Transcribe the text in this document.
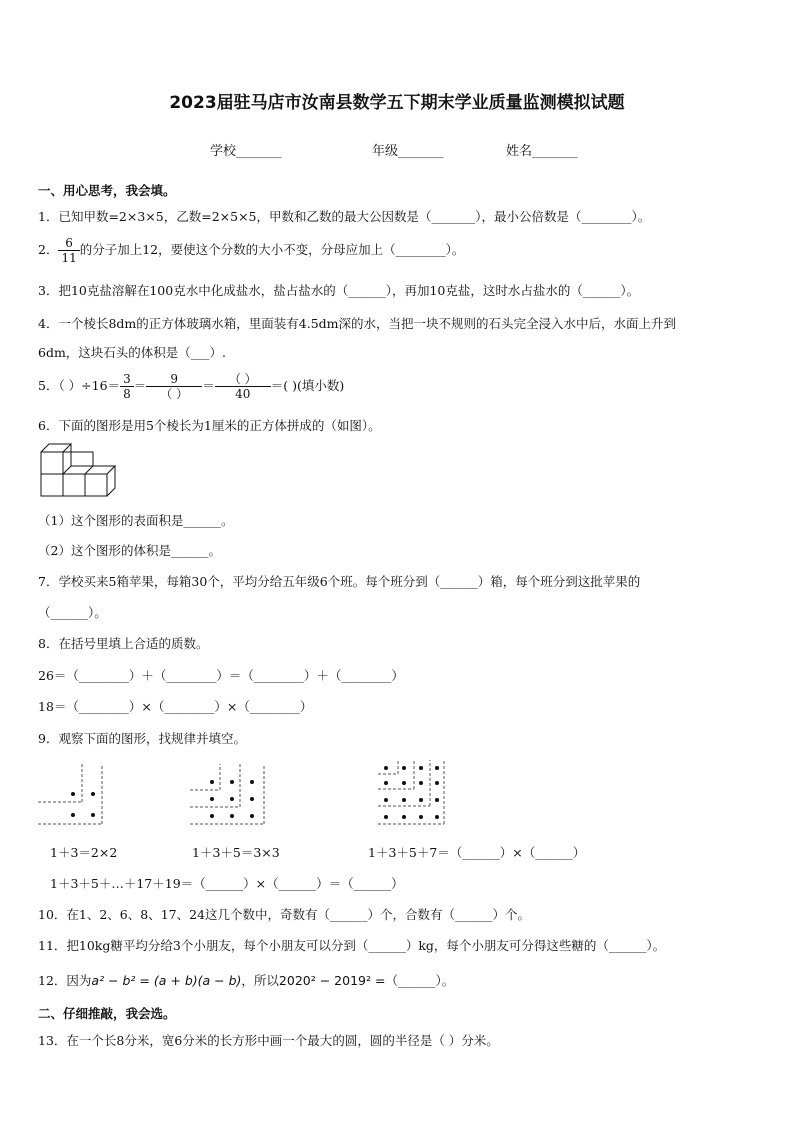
2023届驻马店市汝南县数学五下期末学业质量监测模拟试题
学校_______	年级_______	姓名_______
一、用心思考，我会填。
1．已知甲数=2×3×5，乙数=2×5×5，甲数和乙数的最大公因数是（_______），最小公倍数是（________）。
2． $\frac{6}{11}$ 的分子加上12，要使这个分数的大小不变，分母应加上（________）。
3．把10克盐溶解在100克水中化成盐水，盐占盐水的（______），再加10克盐，这时水占盐水的（______）。
4．一个棱长8dm的正方体玻璃水箱，里面装有4.5dm深的水，当把一块不规则的石头完全浸入水中后，水面上升到
6dm，这块石头的体积是（___）.
5．（ ）$\div 16= \frac{3}{8} = \frac{9}{( )} = \frac{( )}{40}$ ＝( )(填小数)
6．下面的图形是用5个棱长为1厘米的正方体拼成的（如图）。
（1）这个图形的表面积是______。
（2）这个图形的体积是______。
7．学校买来5箱苹果，每箱30个，平均分给五年级6个班。每个班分到（______）箱，每个班分到这批苹果的
（______）。
8．在括号里填上合适的质数。
26＝（________）＋（________）＝（________）＋（________）
18＝（________）×（________）×（________）
9．观察下面的图形，找规律并填空。
1＋3＝2×2	1＋3＋5＝3×3	1＋3＋5＋7＝（______）×（______）
1＋3＋5＋…＋17＋19＝（______）×（______）＝（______）
10．在1、2、6、8、17、24这几个数中，奇数有（______）个，合数有（______）个。
11．把10kg糖平均分给3个小朋友，每个小朋友可以分到（______）kg，每个小朋友可分得这些糖的（______）。
12．因为a² − b² = (a + b)(a − b)，所以2020² − 2019² =（______）。
二、仔细推敲，我会选。
13．在一个长8分米，宽6分米的长方形中画一个最大的圆，圆的半径是（ ）分米。
